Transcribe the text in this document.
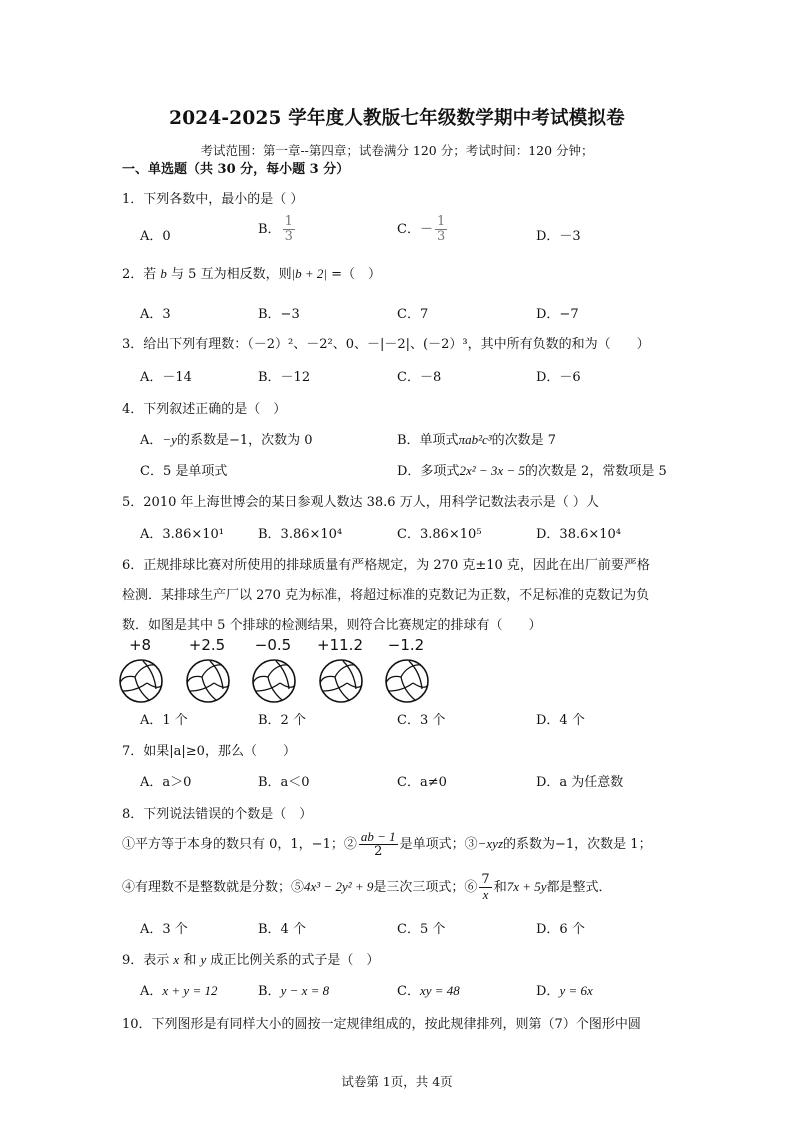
2024-2025 学年度人教版七年级数学期中考试模拟卷
考试范围：第一章--第四章；试卷满分 120 分；考试时间：120 分钟；
一、单选题（共 30 分，每小题 3 分）
1．下列各数中，最小的是（ ）
A．0	B． $\frac{1}{3}$	C．－ $\frac{1}{3}$	D．－3
2．若 b 与 5 互为相反数，则|b + 2| =（　）
A．3	B．−3	C．7	D．−7
3．给出下列有理数：（－2）²、－2²、0、－|－2|、(－2）³，其中所有负数的和为（　　）
A．－14	B．－12	C．－8	D．－6
4．下列叙述正确的是（　）
A．−y的系数是−1，次数为 0	B．单项式πab²c³的次数是 7
C．5 是单项式	D．多项式2x² − 3x − 5的次数是 2，常数项是 5
5．2010 年上海世博会的某日参观人数达 38.6 万人，用科学记数法表示是（ ）人
A．3.86×10¹	B．3.86×10⁴	C．3.86×10⁵	D．38.6×10⁴
6．正规排球比赛对所使用的排球质量有严格规定，为 270 克±10 克，因此在出厂前要严格
检测．某排球生产厂以 270 克为标准，将超过标准的克数记为正数，不足标准的克数记为负
数．如图是其中 5 个排球的检测结果，则符合比赛规定的排球有（　　）
+8	+2.5	−0.5	+11.2	−1.2
A．1 个	B．2 个	C．3 个	D．4 个
7．如果|a|≥0，那么（　　）
A．a＞0	B．a＜0	C．a≠0	D．a 为任意数
8．下列说法错误的个数是（　）
①平方等于本身的数只有 0，1，−1；② $\frac{ab - 1}{2}$ 是单项式；③−xyz的系数为−1，次数是 1；
④有理数不是整数就是分数；⑤4x³ − 2y² + 9是三次三项式；⑥ $\frac{7}{x}$ 和7x + 5y都是整式．
A．3 个	B．4 个	C．5 个	D．6 个
9．表示 x 和 y 成正比例关系的式子是（　）
A．x + y = 12	B．y − x = 8	C．xy = 48	D．y = 6x
10．下列图形是有同样大小的圆按一定规律组成的，按此规律排列，则第（7）个图形中圆
试卷第 1页，共 4页
